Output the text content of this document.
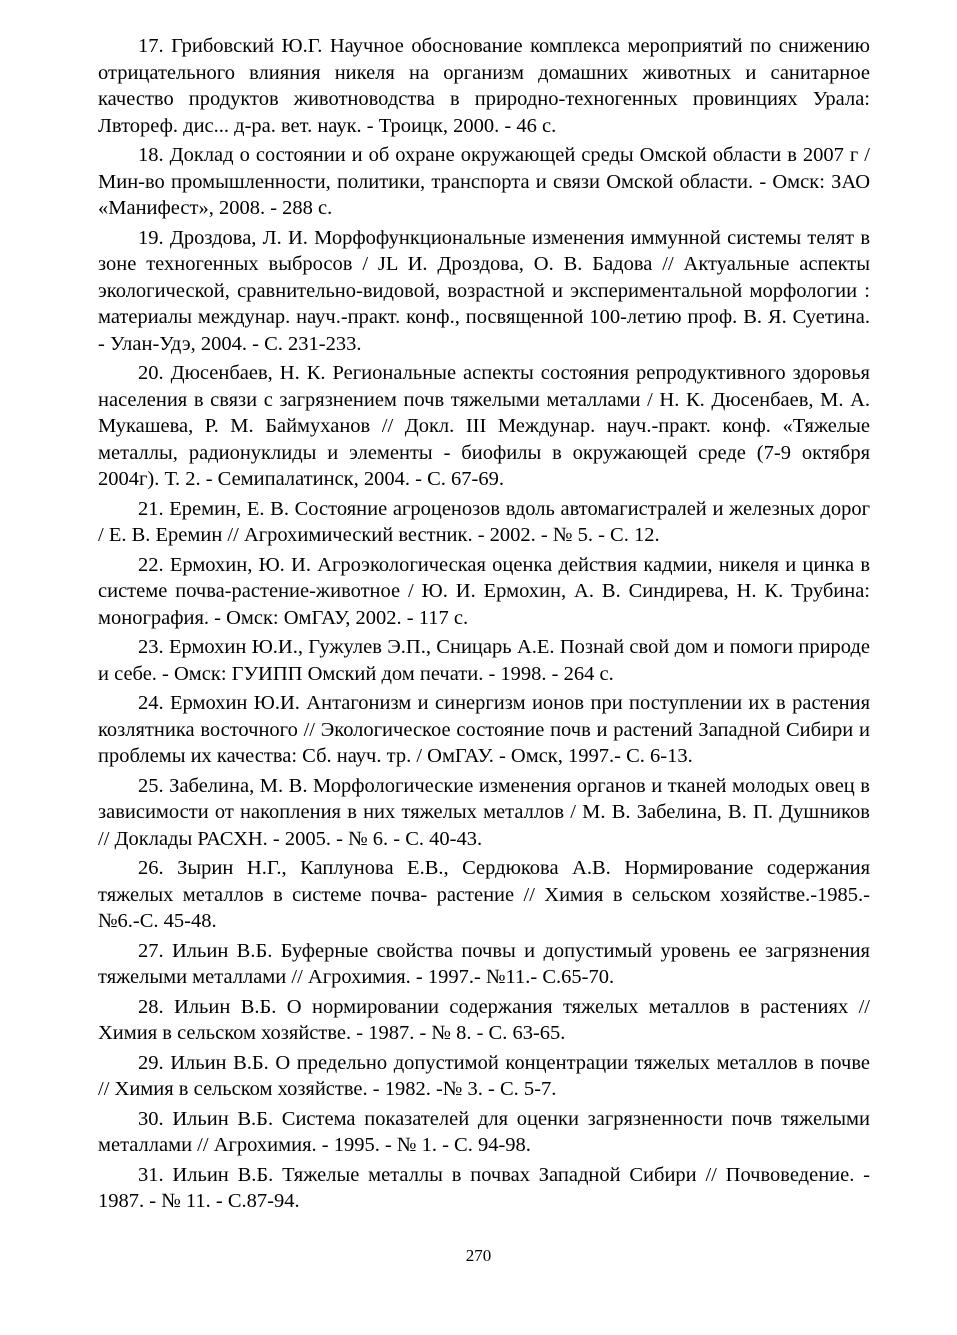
17. Грибовский Ю.Г. Научное обоснование комплекса мероприятий по снижению отрицательного влияния никеля на организм домашних животных и санитарное качество продуктов животноводства в природно-техногенных провинциях Урала: Лвтореф. дис... д-ра. вет. наук. - Троицк, 2000. - 46 с.

18. Доклад о состоянии и об охране окружающей среды Омской области в 2007 г / Мин-во промышленности, политики, транспорта и связи Омской области. - Омск: ЗАО «Манифест», 2008. - 288 с.

19. Дроздова, Л. И. Морфофункциональные изменения иммунной системы телят в зоне техногенных выбросов / JL И. Дроздова, О. В. Бадова // Актуальные аспекты экологической, сравнительно-видовой, возрастной и экспериментальной морфологии : материалы междунар. науч.-практ. конф., посвященной 100-летию проф. В. Я. Суетина. - Улан-Удэ, 2004. - С. 231-233.

20. Дюсенбаев, Н. К. Региональные аспекты состояния репродуктивного здоровья населения в связи с загрязнением почв тяжелыми металлами / Н. К. Дюсенбаев, М. А. Мукашева, Р. М. Баймуханов // Докл. III Междунар. науч.-практ. конф. «Тяжелые металлы, радионуклиды и элементы - биофилы в окружающей среде (7-9 октября 2004г). Т. 2. - Семипалатинск, 2004. - С. 67-69.

21. Еремин, Е. В. Состояние агроценозов вдоль автомагистралей и железных дорог / Е. В. Еремин // Агрохимический вестник. - 2002. - № 5. - С. 12.

22. Ермохин, Ю. И. Агроэкологическая оценка действия кадмии, никеля и цинка в системе почва-растение-животное / Ю. И. Ермохин, А. В. Синдирева, Н. К. Трубина: монография. - Омск: ОмГАУ, 2002. - 117 с.

23. Ермохин Ю.И., Гужулев Э.П., Сницарь А.Е. Познай свой дом и помоги природе и себе. - Омск: ГУИПП Омский дом печати. - 1998. - 264 с.

24. Ермохин Ю.И. Антагонизм и синергизм ионов при поступлении их в растения козлятника восточного // Экологическое состояние почв и растений Западной Сибири и проблемы их качества: Сб. науч. тр. / ОмГАУ. - Омск, 1997.- С. 6-13.

25. Забелина, М. В. Морфологические изменения органов и тканей молодых овец в зависимости от накопления в них тяжелых металлов / М. В. Забелина, В. П. Душников // Доклады РАСХН. - 2005. - № 6. - С. 40-43.

26. Зырин Н.Г., Каплунова Е.В., Сердюкова А.В. Нормирование содержания тяжелых металлов в системе почва- растение // Химия в сельском хозяйстве.-1985.- №6.-С. 45-48.

27. Ильин В.Б. Буферные свойства почвы и допустимый уровень ее загрязнения тяжелыми металлами // Агрохимия. - 1997.- №11.- С.65-70.

28. Ильин В.Б. О нормировании содержания тяжелых металлов в растениях // Химия в сельском хозяйстве. - 1987. - № 8. - С. 63-65.

29. Ильин В.Б. О предельно допустимой концентрации тяжелых металлов в почве // Химия в сельском хозяйстве. - 1982. -№ 3. - С. 5-7.

30. Ильин В.Б. Система показателей для оценки загрязненности почв тяжелыми металлами // Агрохимия. - 1995. - № 1. - С. 94-98.

31. Ильин В.Б. Тяжелые металлы в почвах Западной Сибири // Почвоведение. - 1987. - № 11. - С.87-94.

270
